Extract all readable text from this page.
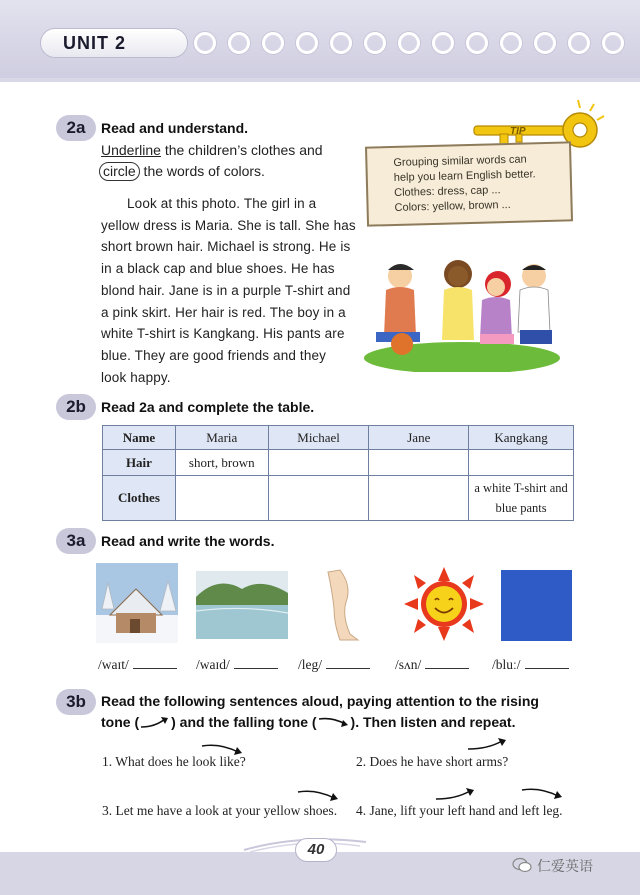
UNIT 2
2a	Read and understand.
Underline the children’s clothes and
circle the words of colors.
Look at this photo. The girl in a
yellow dress is Maria. She is tall. She has
short brown hair. Michael is strong. He is
in a black cap and blue shoes. He has
blond hair. Jane is in a purple T-shirt and
a pink skirt. Her hair is red. The boy in a
white T-shirt is Kangkang. His pants are
blue. They are good friends and they
look happy.
TIP
Grouping similar words can
help you learn English better.
Clothes: dress, cap ...
Colors: yellow, brown ...
2b	Read 2a and complete the table.
Name	Maria	Michael	Jane	Kangkang
Hair	short, brown			
Clothes				a white T-shirt and blue pants
3a	Read and write the words.
/waɪt/	/waɪd/	/leg/	/sʌn/	/bluː/
3b	Read the following sentences aloud, paying attention to the rising
tone ( ) and the falling tone ( ). Then listen and repeat.
1. What does he look like?	2. Does he have short arms?
3. Let me have a look at your yellow shoes. 4. Jane, lift your left hand and left leg.
40
仁爱英语
